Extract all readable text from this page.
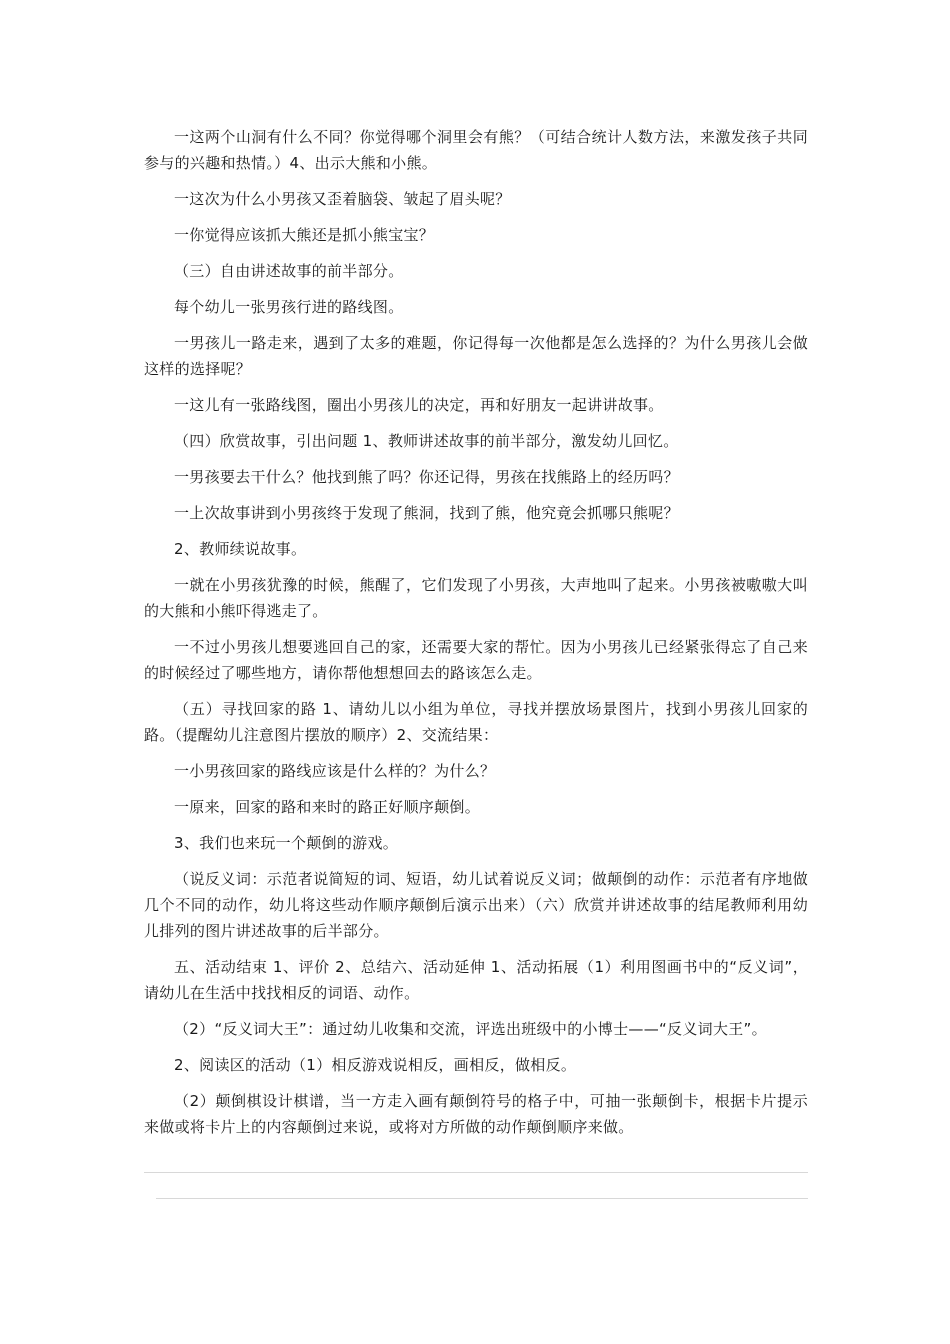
一这两个山洞有什么不同？你觉得哪个洞里会有熊？（可结合统计人数方法，来激发孩子共同参与的兴趣和热情。）4、出示大熊和小熊。

一这次为什么小男孩又歪着脑袋、皱起了眉头呢？

一你觉得应该抓大熊还是抓小熊宝宝？

（三）自由讲述故事的前半部分。

每个幼儿一张男孩行进的路线图。

一男孩儿一路走来，遇到了太多的难题，你记得每一次他都是怎么选择的？为什么男孩儿会做这样的选择呢？

一这儿有一张路线图，圈出小男孩儿的决定，再和好朋友一起讲讲故事。

（四）欣赏故事，引出问题 1、教师讲述故事的前半部分，激发幼儿回忆。

一男孩要去干什么？他找到熊了吗？你还记得，男孩在找熊路上的经历吗？

一上次故事讲到小男孩终于发现了熊洞，找到了熊，他究竟会抓哪只熊呢？

2、教师续说故事。

一就在小男孩犹豫的时候，熊醒了，它们发现了小男孩，大声地叫了起来。小男孩被嗷嗷大叫的大熊和小熊吓得逃走了。

一不过小男孩儿想要逃回自己的家，还需要大家的帮忙。因为小男孩儿已经紧张得忘了自己来的时候经过了哪些地方，请你帮他想想回去的路该怎么走。

（五）寻找回家的路 1、请幼儿以小组为单位，寻找并摆放场景图片，找到小男孩儿回家的路。（提醒幼儿注意图片摆放的顺序）2、交流结果：

一小男孩回家的路线应该是什么样的？为什么？

一原来，回家的路和来时的路正好顺序颠倒。

3、我们也来玩一个颠倒的游戏。

（说反义词：示范者说简短的词、短语，幼儿试着说反义词；做颠倒的动作：示范者有序地做几个不同的动作，幼儿将这些动作顺序颠倒后演示出来）（六）欣赏并讲述故事的结尾教师利用幼儿排列的图片讲述故事的后半部分。

五、活动结束 1、评价 2、总结六、活动延伸 1、活动拓展（1）利用图画书中的“反义词”，请幼儿在生活中找找相反的词语、动作。

（2）“反义词大王”：通过幼儿收集和交流，评选出班级中的小博士——“反义词大王”。

2、阅读区的活动（1）相反游戏说相反，画相反，做相反。

（2）颠倒棋设计棋谱，当一方走入画有颠倒符号的格子中，可抽一张颠倒卡，根据卡片提示来做或将卡片上的内容颠倒过来说，或将对方所做的动作颠倒顺序来做。
